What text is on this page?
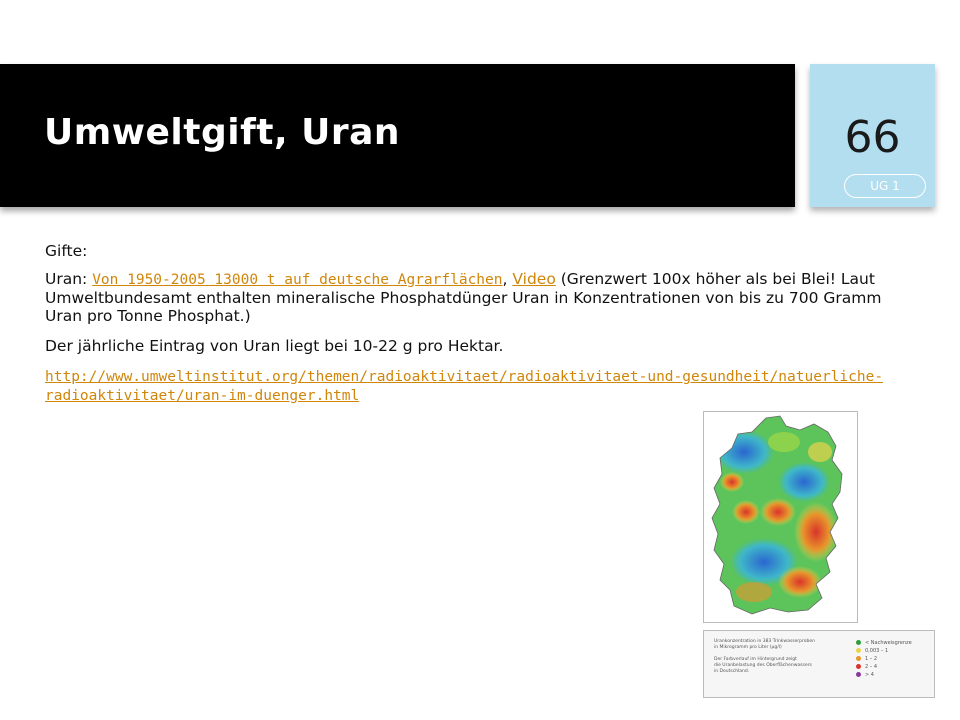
Umweltgift, Uran	66
UG 1

Gifte:

Uran: Von 1950-2005 13000 t auf deutsche Agrarflächen, Video (Grenzwert 100x höher als bei Blei! Laut Umweltbundesamt enthalten mineralische Phosphatdünger Uran in Konzentrationen von bis zu 700 Gramm Uran pro Tonne Phosphat.)

Der jährliche Eintrag von Uran liegt bei 10-22 g pro Hektar.

http://www.umweltinstitut.org/themen/radioaktivitaet/radioaktivitaet-und-gesundheit/natuerliche-radioaktivitaet/uran-im-duenger.html

Urankonzentration in 383 Trinkwasserproben
in Mikrogramm pro Liter (µg/l)

Der Farbverlauf im Hintergrund zeigt
die Uranbelastung des Oberflächenwassers
in Deutschland.
< Nachweisgrenze
0,003 – 1
1 – 2
2 – 4
> 4
